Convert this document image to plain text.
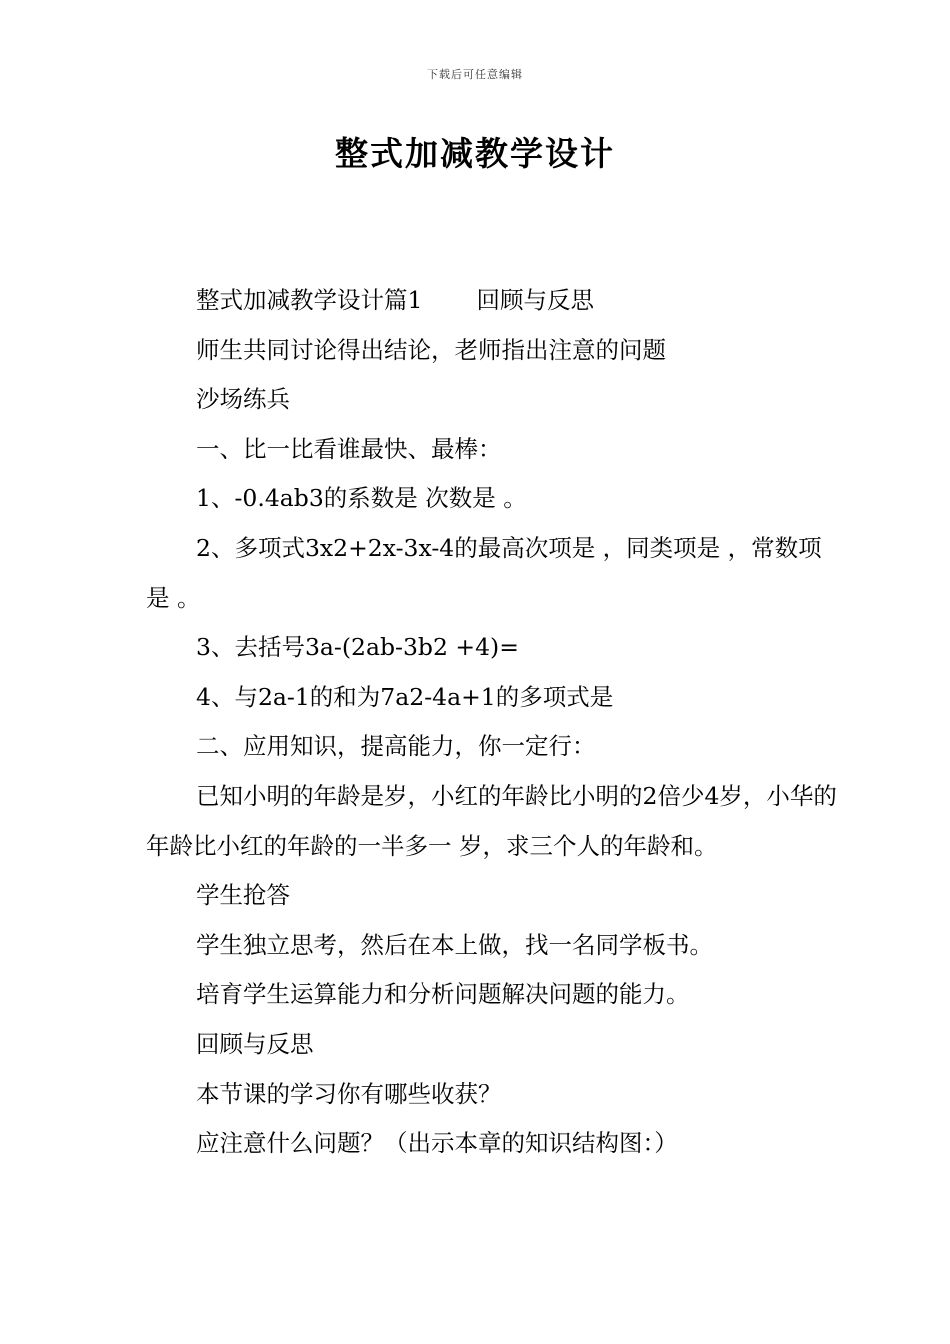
下载后可任意编辑
整式加减教学设计

整式加减教学设计篇1 回顾与反思

师生共同讨论得出结论，老师指出注意的问题

沙场练兵

一、比一比看谁最快、最棒：

1、-0.4ab3的系数是 次数是 。

2、多项式3x2+2x-3x-4的最高次项是 ，同类项是 ，常数项是 。

3、去括号3a-(2ab-3b2 +4)=

4、与2a-1的和为7a2-4a+1的多项式是

二、应用知识，提高能力，你一定行：

已知小明的年龄是岁，小红的年龄比小明的2倍少4岁，小华的年龄比小红的年龄的一半多一 岁，求三个人的年龄和。

学生抢答

学生独立思考，然后在本上做，找一名同学板书。

培育学生运算能力和分析问题解决问题的能力。

回顾与反思

本节课的学习你有哪些收获？

应注意什么问题？（出示本章的知识结构图：）
